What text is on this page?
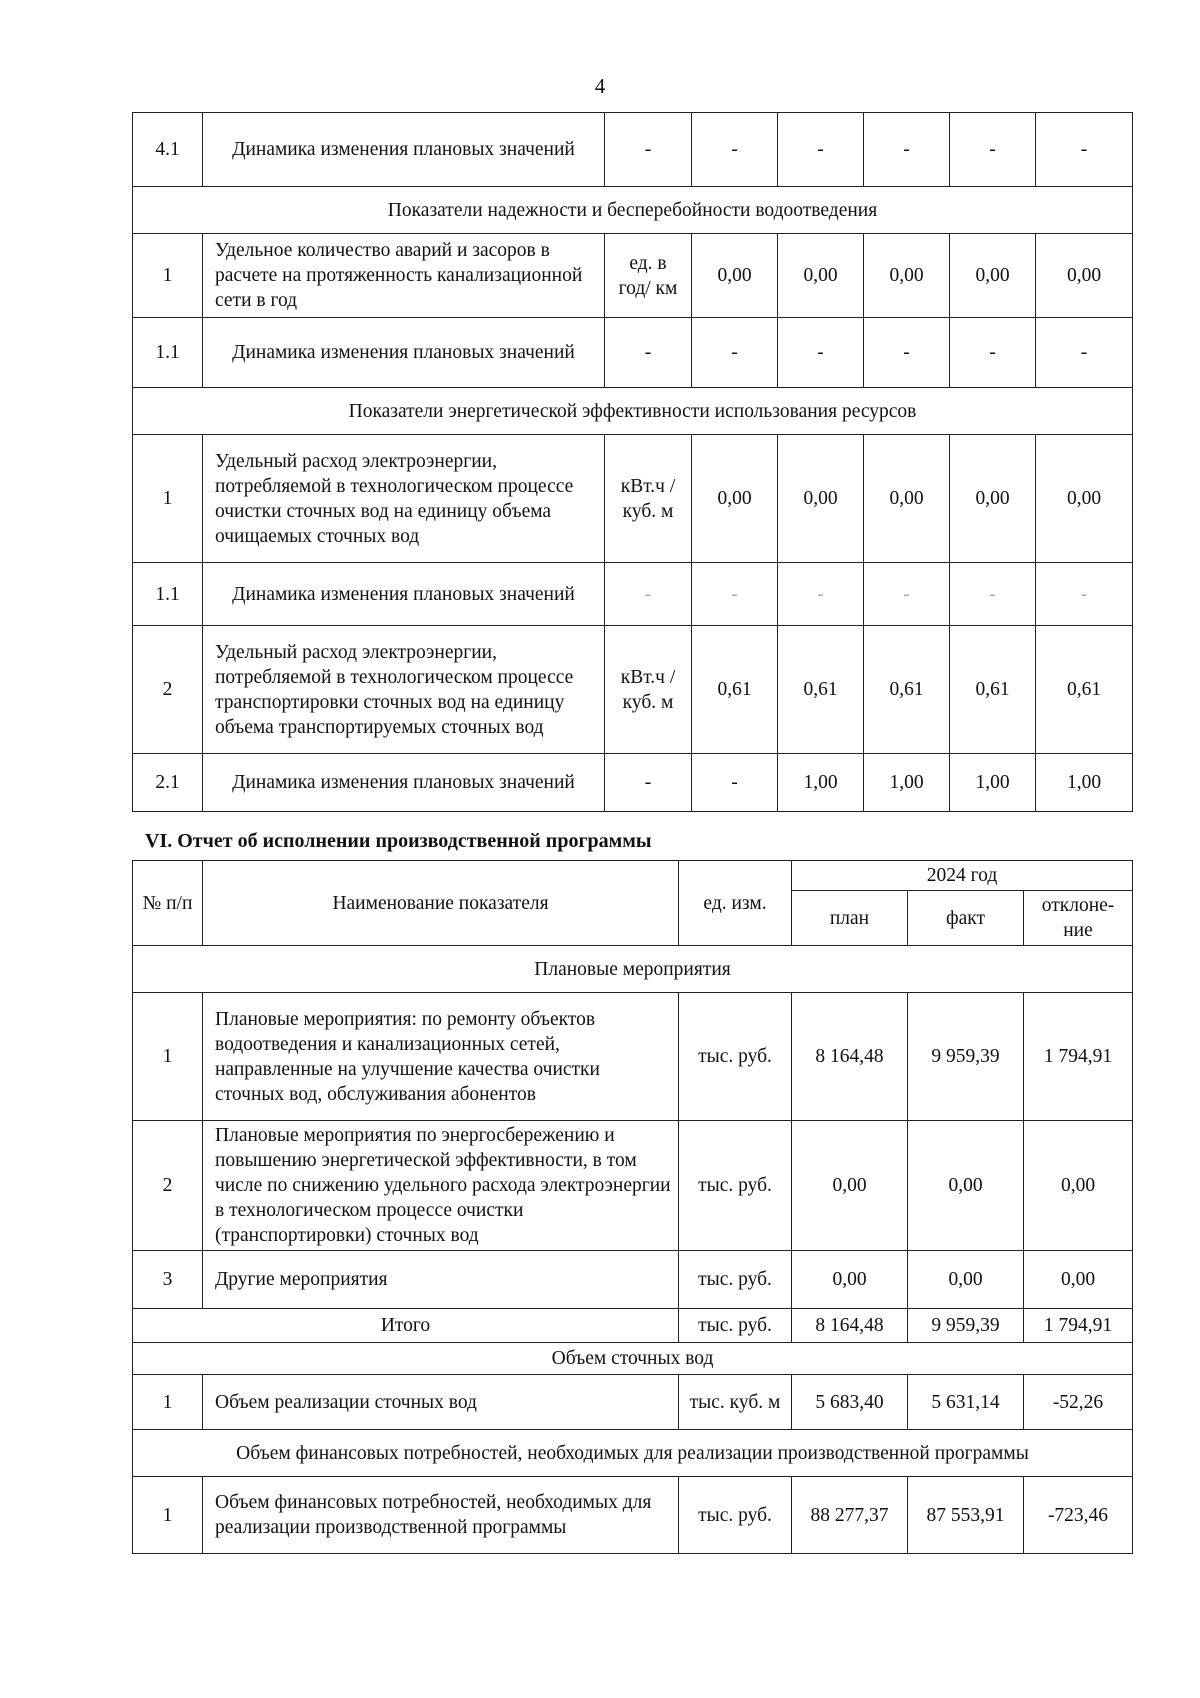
4
4.1	Динамика изменения плановых значений	-	-	-	-	-	-
Показатели надежности и бесперебойности водоотведения							
1	Удельное количество аварий и засоров в расчете на протяженность канализационной сети в год	ед. в год/ км	0,00	0,00	0,00	0,00	0,00
1.1	Динамика изменения плановых значений	-	-	-	-	-	-
Показатели энергетической эффективности использования ресурсов							
1	Удельный расход электроэнергии, потребляемой в технологическом процессе очистки сточных вод на единицу объема очищаемых сточных вод	кВт.ч / куб. м	0,00	0,00	0,00	0,00	0,00
1.1	Динамика изменения плановых значений	-	-	-	-	-	-
2	Удельный расход электроэнергии, потребляемой в технологическом процессе транспортировки сточных вод на единицу объема транспортируемых сточных вод	кВт.ч / куб. м	0,61	0,61	0,61	0,61	0,61
2.1	Динамика изменения плановых значений	-	-	1,00	1,00	1,00	1,00
VI. Отчет об исполнении производственной программы
№ п/п	Наименование показателя	ед. изм.	2024 год		
			план	факт	отклоне-ние
Плановые мероприятия					
1	Плановые мероприятия: по ремонту объектов водоотведения и канализационных сетей, направленные на улучшение качества очистки сточных вод, обслуживания абонентов	тыс. руб.	8 164,48	9 959,39	1 794,91
2	Плановые мероприятия по энергосбережению и повышению энергетической эффективности, в том числе по снижению удельного расхода электроэнергии в технологическом процессе очистки (транспортировки) сточных вод	тыс. руб.	0,00	0,00	0,00
3	Другие мероприятия	тыс. руб.	0,00	0,00	0,00
Итого		тыс. руб.	8 164,48	9 959,39	1 794,91
Объем сточных вод					
1	Объем реализации сточных вод	тыс. куб. м	5 683,40	5 631,14	-52,26
Объем финансовых потребностей, необходимых для реализации производственной программы					
1	Объем финансовых потребностей, необходимых для реализации производственной программы	тыс. руб.	88 277,37	87 553,91	-723,46
